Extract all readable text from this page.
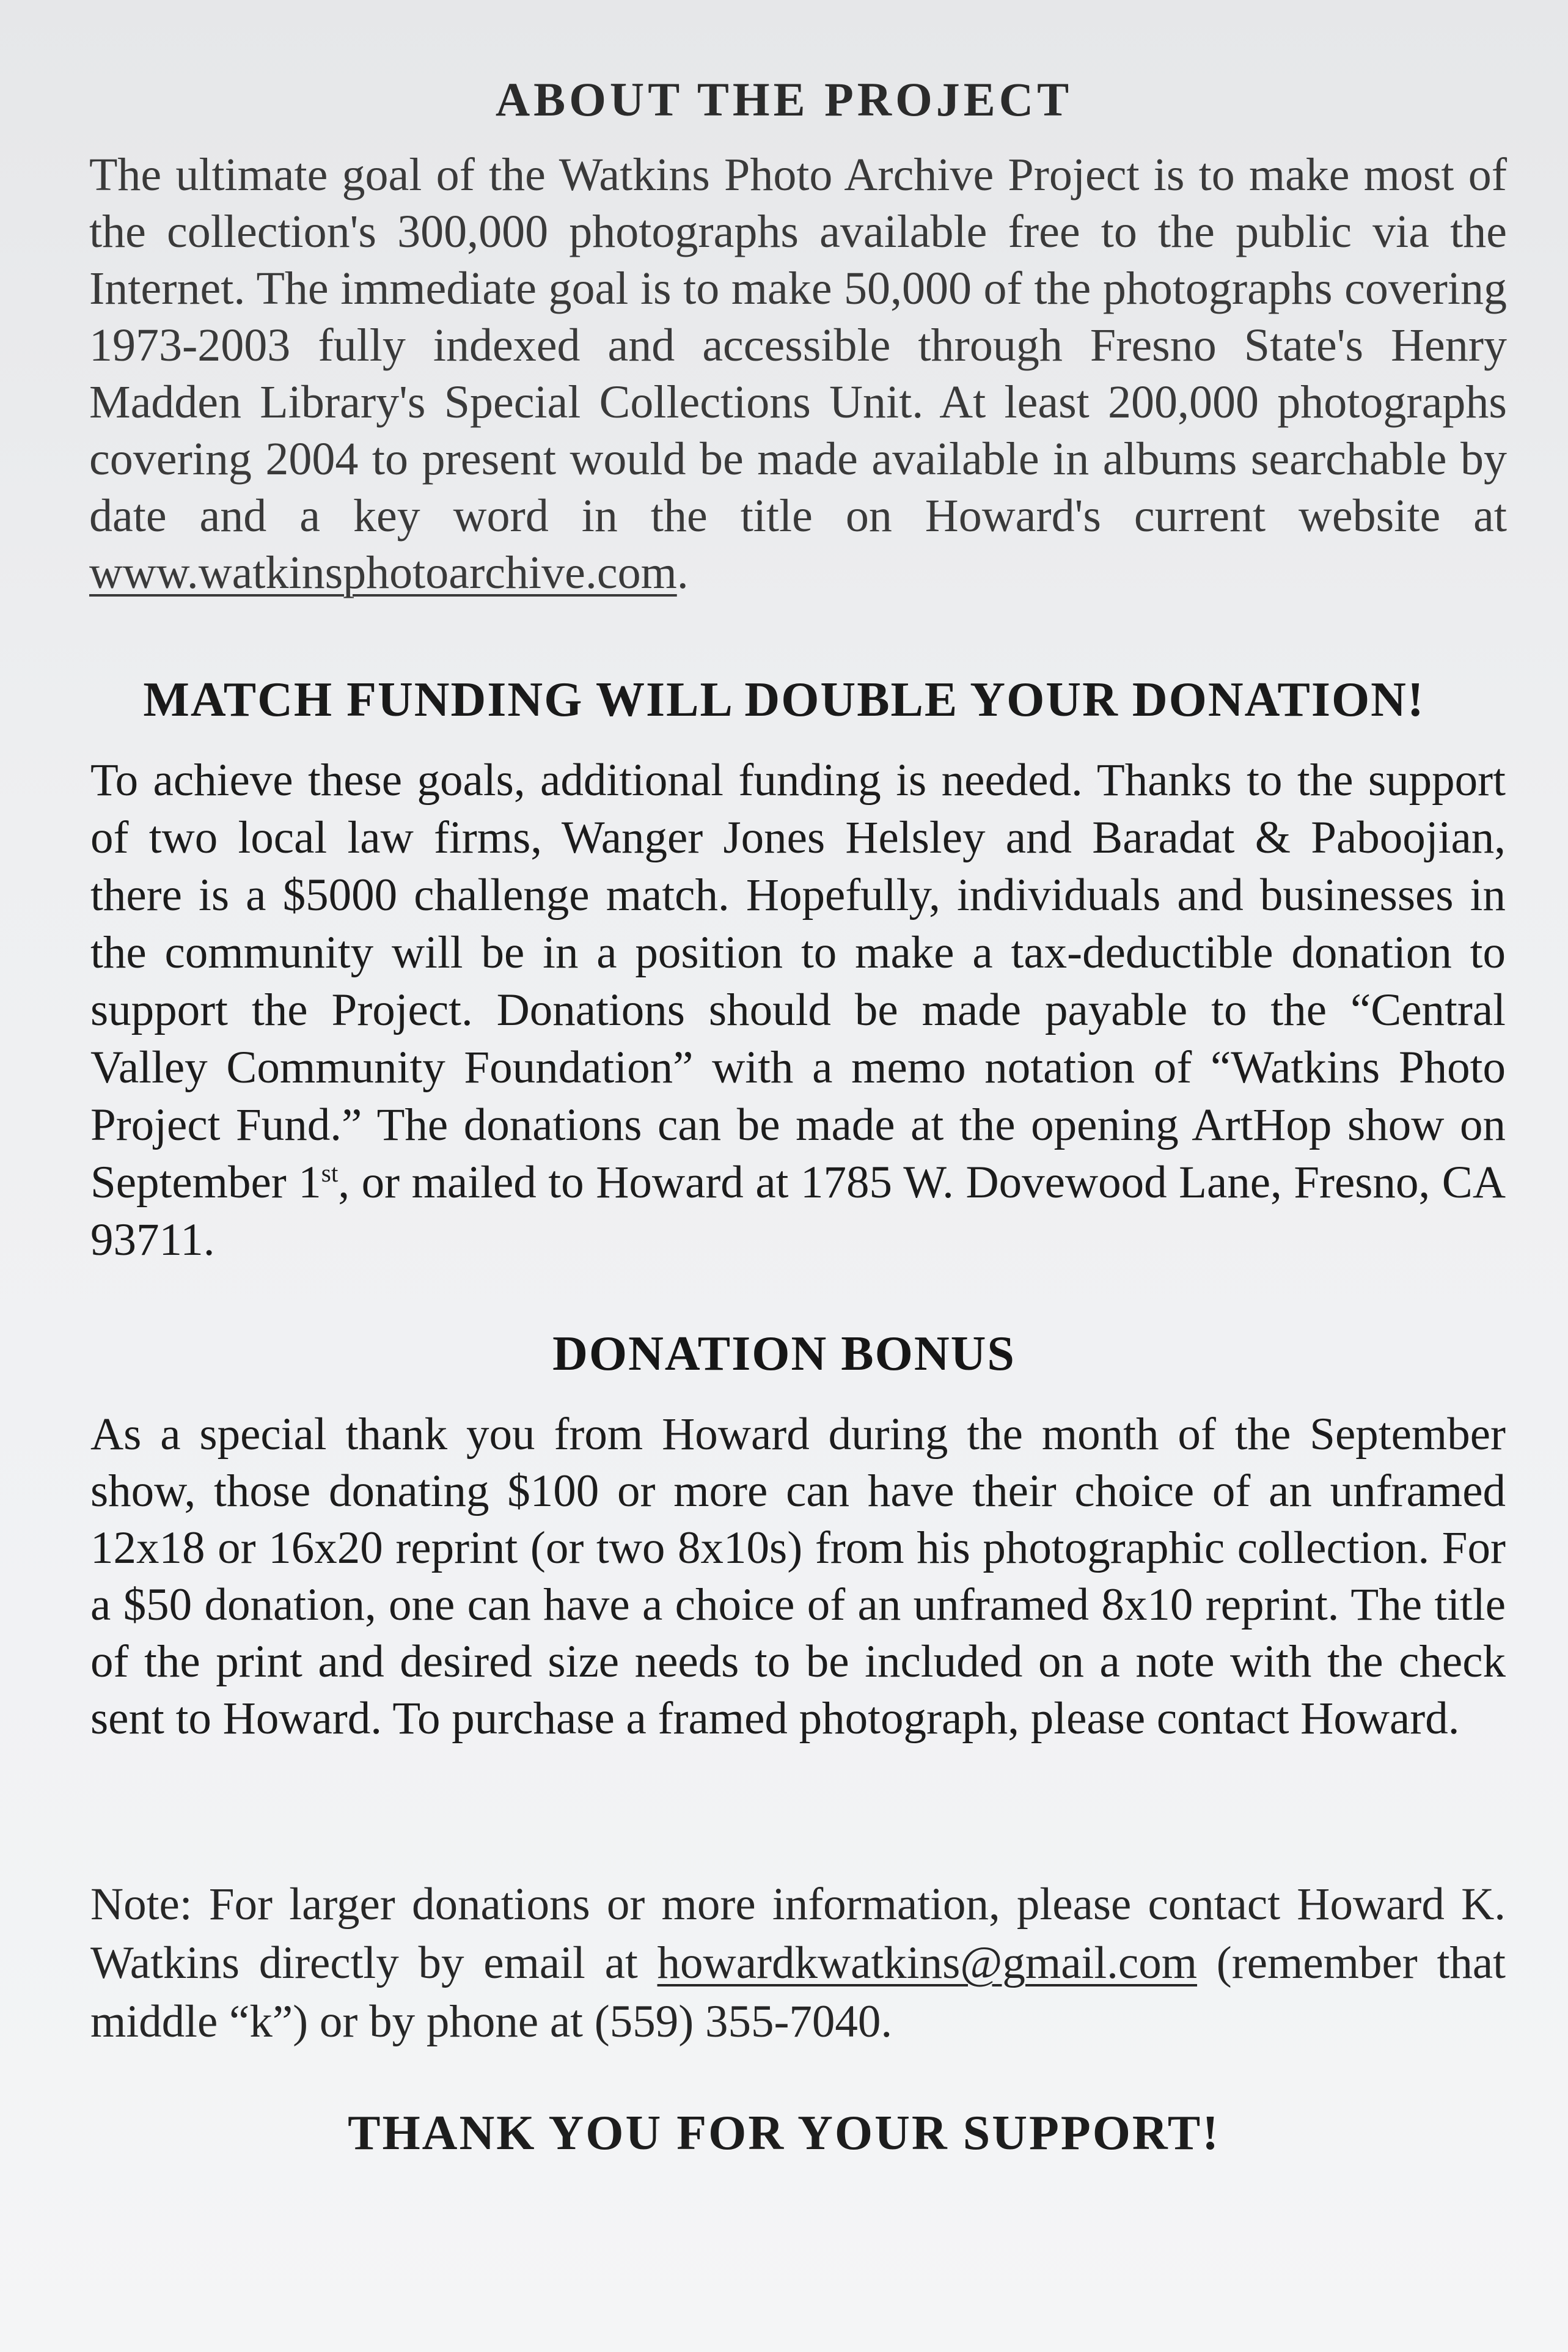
ABOUT THE PROJECT

The ultimate goal of the Watkins Photo Archive Project is to make most of the collection's 300,000 photographs available free to the public via the Internet. The immediate goal is to make 50,000 of the photographs covering 1973-2003 fully indexed and accessible through Fresno State's Henry Madden Library's Special Collections Unit. At least 200,000 photographs covering 2004 to present would be made available in albums searchable by date and a key word in the title on Howard's current website at www.watkinsphotoarchive.com.

MATCH FUNDING WILL DOUBLE YOUR DONATION!

To achieve these goals, additional funding is needed. Thanks to the support of two local law firms, Wanger Jones Helsley and Baradat & Paboojian, there is a $5000 challenge match. Hopefully, individuals and businesses in the community will be in a position to make a tax-deductible donation to support the Project. Donations should be made payable to the “Central Valley Community Foundation” with a memo notation of “Watkins Photo Project Fund.” The donations can be made at the opening ArtHop show on September 1st, or mailed to Howard at 1785 W. Dovewood Lane, Fresno, CA 93711.

DONATION BONUS

As a special thank you from Howard during the month of the September show, those donating $100 or more can have their choice of an unframed 12x18 or 16x20 reprint (or two 8x10s) from his photographic collection. For a $50 donation, one can have a choice of an unframed 8x10 reprint. The title of the print and desired size needs to be included on a note with the check sent to Howard. To purchase a framed photograph, please contact Howard.

Note: For larger donations or more information, please contact Howard K. Watkins directly by email at howardkwatkins@gmail.com (remember that middle “k”) or by phone at (559) 355-7040.

THANK YOU FOR YOUR SUPPORT!
